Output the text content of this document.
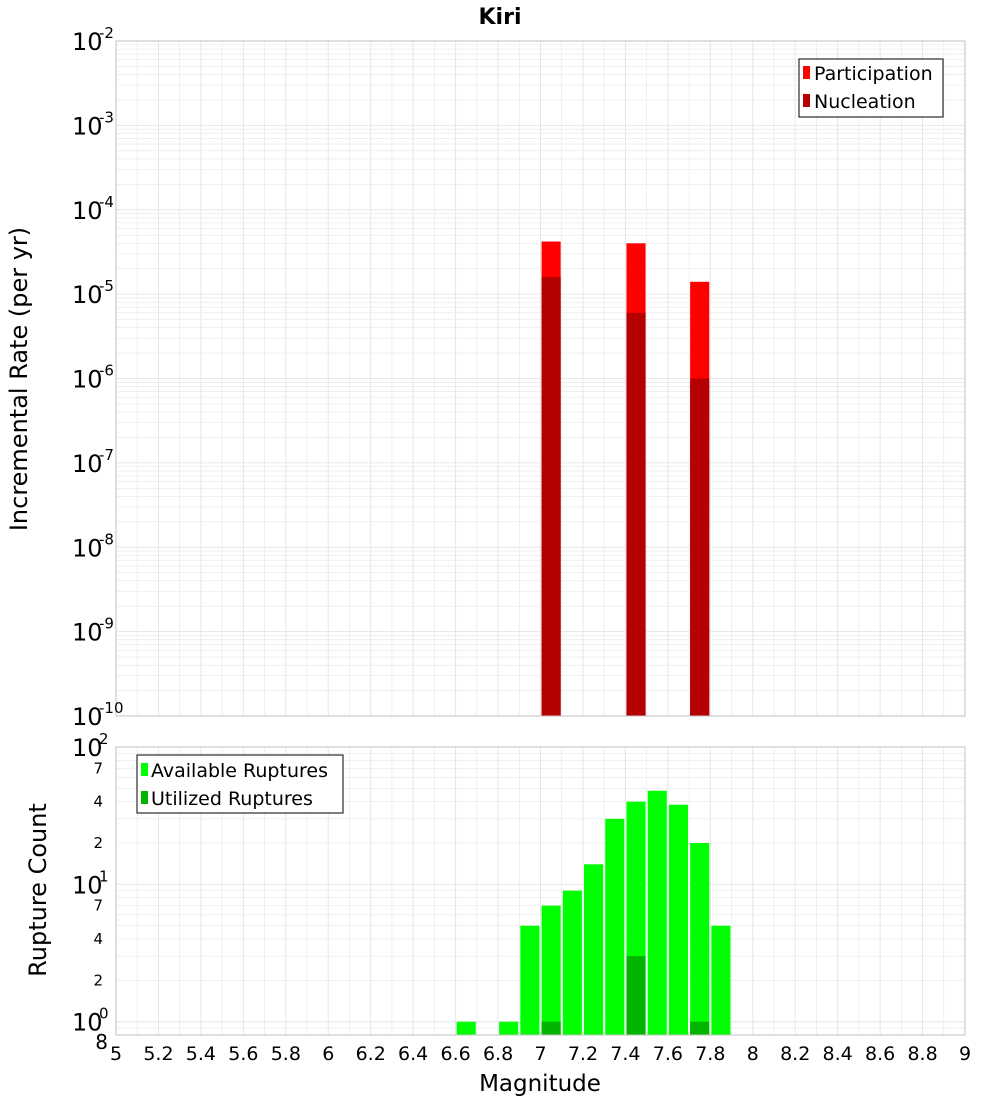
Kiri
10
-2
10
-3
10
-4
10
-5
10
-6
10
-7
10
-8
10
-9
10
-10
Incremental Rate (per yr)
Participation
Nucleation
10
2
10
1
10
0
7
4
2
7
4
2
8
Rupture Count
Available Ruptures
Utilized Ruptures
5 5.2 5.4 5.6 5.8 6 6.2 6.4 6.6 6.8 7 7.2 7.4 7.6 7.8 8 8.2 8.4 8.6 8.8 9
Magnitude
